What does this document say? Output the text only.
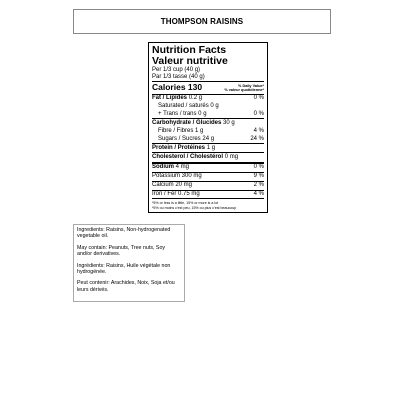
THOMPSON RAISINS
Nutrition Facts
Valeur nutritive
Per 1/3 cup (40 g)
Par 1/3 tasse (40 g)
Calories 130	% Daily Value*
% valeur quotidienne*
Fat / Lipides 0.2 g	0 %
Saturated / saturés 0 g
+ Trans / trans 0 g	0 %
Carbohydrate / Glucides 30 g
Fibre / Fibres 1 g	4 %
Sugars / Sucres 24 g	24 %
Protein / Protéines 1 g
Cholesterol / Cholestérol 0 mg
Sodium 4 mg	0 %
Potassium 300 mg	9 %
Calcium 20 mg	2 %
Iron / Fer 0.75 mg	4 %
*5% or less is a little, 15% or more is a lot
*5% ou moins c'est peu, 15% ou plus c'est beaucoup

Ingredients: Raisins, Non-hydrogenated vegetable oil.

May contain: Peanuts, Tree nuts, Soy and/or derivatives.

Ingrédients: Raisins, Huile végétale non hydrogénée.

Peut contenir: Arachides, Noix, Soja et/ou leurs dérivés.
